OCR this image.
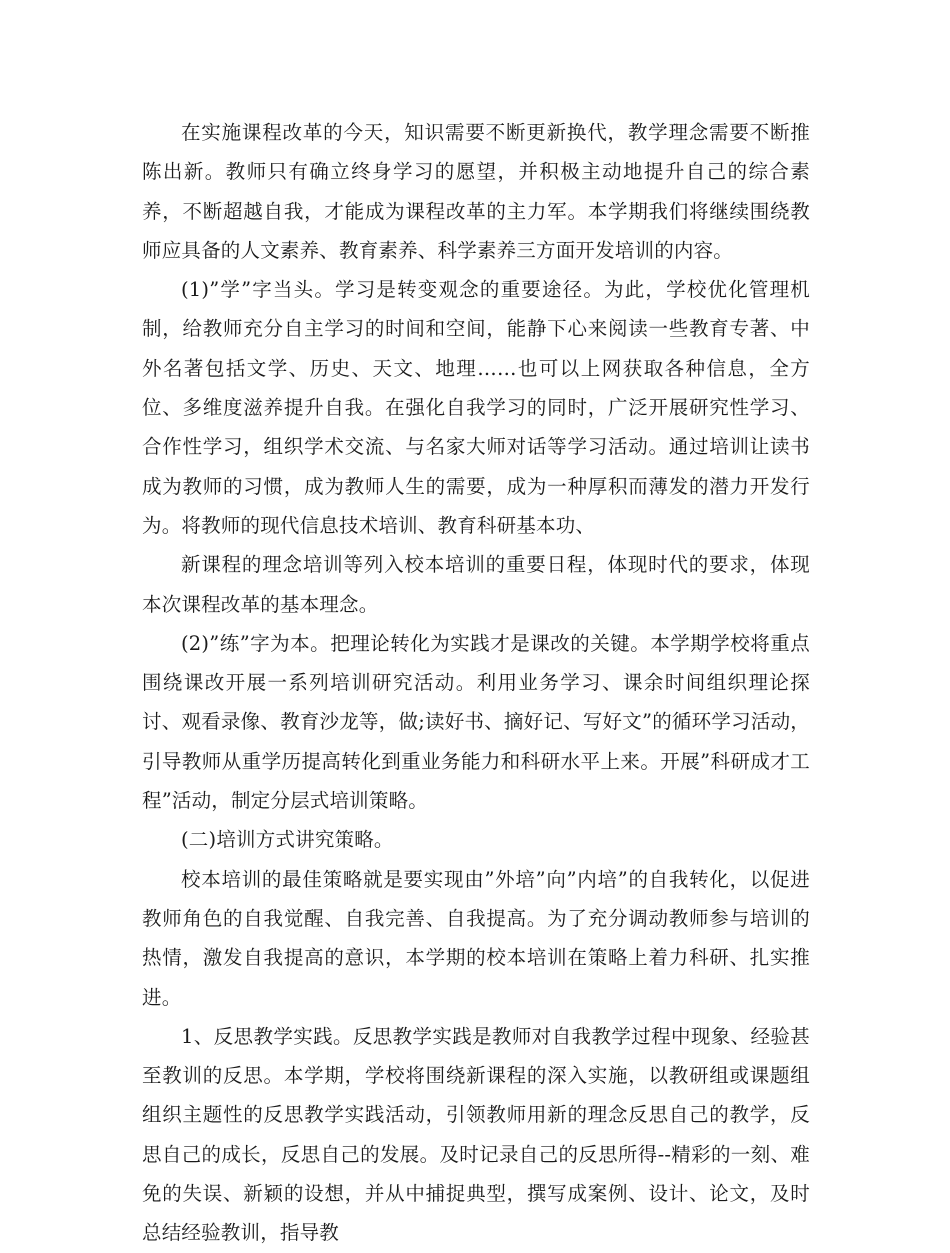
在实施课程改革的今天，知识需要不断更新换代，教学理念需要不断推陈出新。教师只有确立终身学习的愿望，并积极主动地提升自己的综合素养，不断超越自我，才能成为课程改革的主力军。本学期我们将继续围绕教师应具备的人文素养、教育素养、科学素养三方面开发培训的内容。

(1)”学”字当头。学习是转变观念的重要途径。为此，学校优化管理机制，给教师充分自主学习的时间和空间，能静下心来阅读一些教育专著、中外名著包括文学、历史、天文、地理……也可以上网获取各种信息，全方位、多维度滋养提升自我。在强化自我学习的同时，广泛开展研究性学习、合作性学习，组织学术交流、与名家大师对话等学习活动。通过培训让读书成为教师的习惯，成为教师人生的需要，成为一种厚积而薄发的潜力开发行为。将教师的现代信息技术培训、教育科研基本功、

新课程的理念培训等列入校本培训的重要日程，体现时代的要求，体现本次课程改革的基本理念。

(2)”练”字为本。把理论转化为实践才是课改的关键。本学期学校将重点围绕课改开展一系列培训研究活动。利用业务学习、课余时间组织理论探讨、观看录像、教育沙龙等，做;读好书、摘好记、写好文”的循环学习活动，引导教师从重学历提高转化到重业务能力和科研水平上来。开展”科研成才工程”活动，制定分层式培训策略。

(二)培训方式讲究策略。

校本培训的最佳策略就是要实现由”外培”向”内培”的自我转化，以促进教师角色的自我觉醒、自我完善、自我提高。为了充分调动教师参与培训的热情，激发自我提高的意识，本学期的校本培训在策略上着力科研、扎实推进。

1、反思教学实践。反思教学实践是教师对自我教学过程中现象、经验甚至教训的反思。本学期，学校将围绕新课程的深入实施，以教研组或课题组组织主题性的反思教学实践活动，引领教师用新的理念反思自己的教学，反思自己的成长，反思自己的发展。及时记录自己的反思所得--精彩的一刻、难免的失误、新颖的设想，并从中捕捉典型，撰写成案例、设计、论文，及时总结经验教训，指导教
